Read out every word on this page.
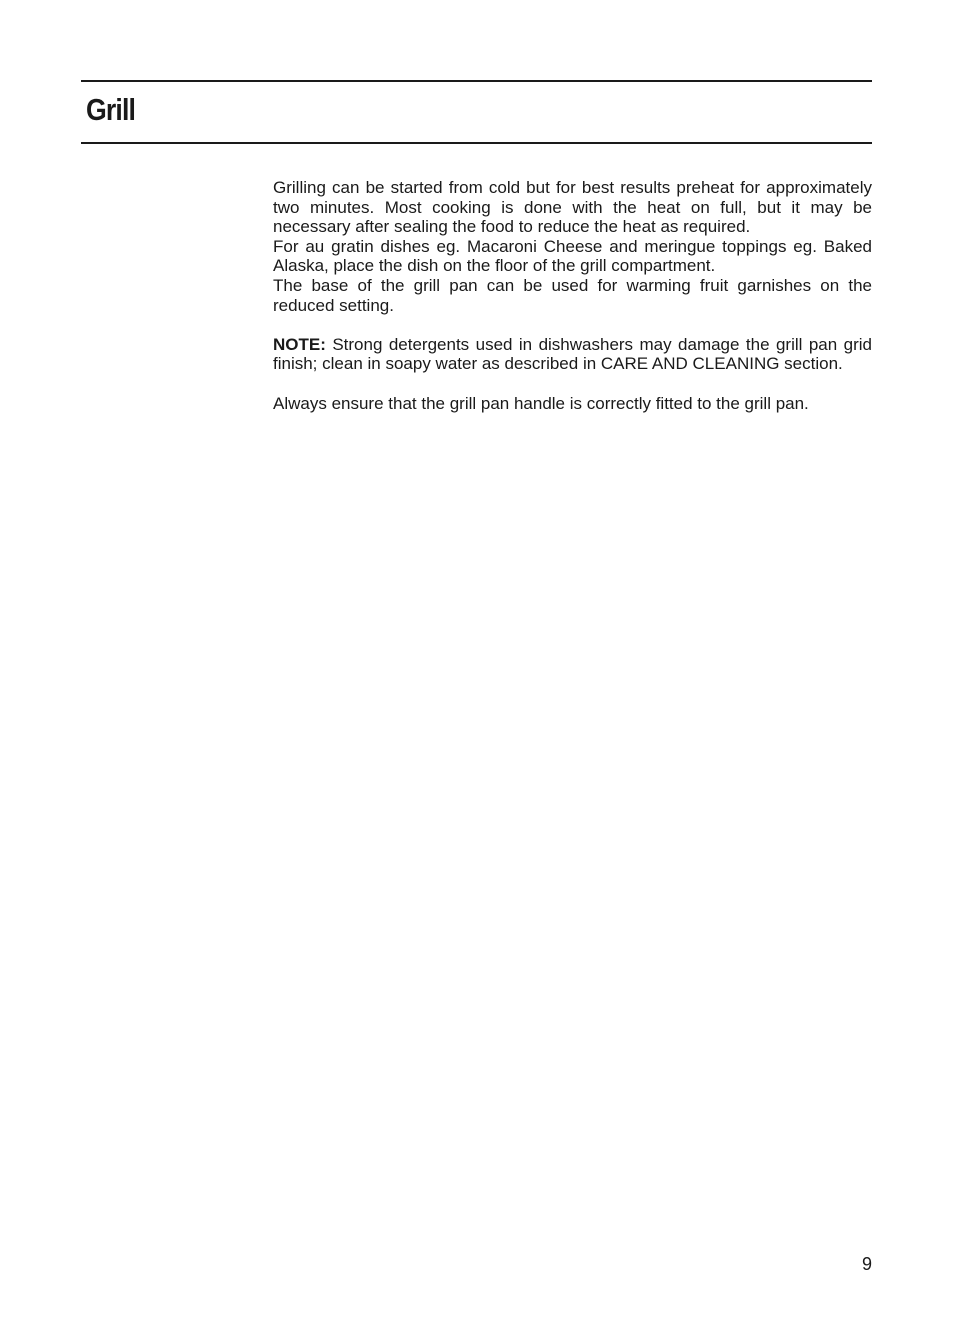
Grill

Grilling can be started from cold but for best results preheat for approximately two minutes. Most cooking is done with the heat on full, but it may be necessary after sealing the food to reduce the heat as required.

For au gratin dishes eg. Macaroni Cheese and meringue toppings eg. Baked Alaska, place the dish on the floor of the grill compartment.

The base of the grill pan can be used for warming fruit garnishes on the reduced setting.

NOTE: Strong detergents used in dishwashers may damage the grill pan grid finish; clean in soapy water as described in CARE AND CLEANING section.

Always ensure that the grill pan handle is correctly fitted to the grill pan.

9
